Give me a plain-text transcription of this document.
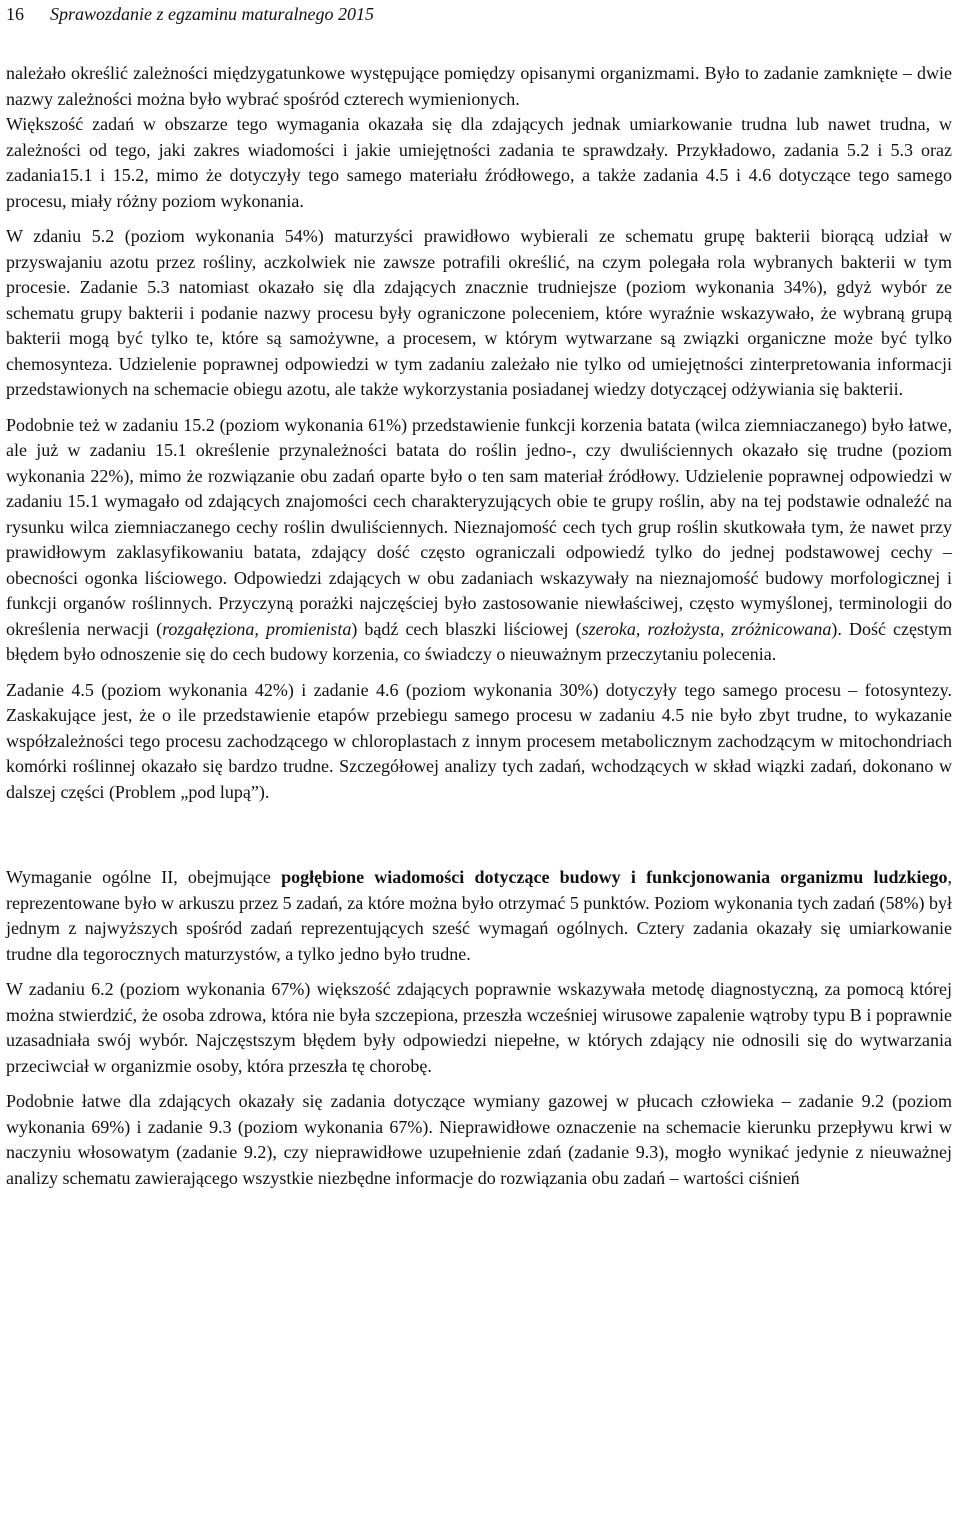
16 Sprawozdanie z egzaminu maturalnego 2015

należało określić zależności międzygatunkowe występujące pomiędzy opisanymi organizmami. Było to zadanie zamknięte – dwie nazwy zależności można było wybrać spośród czterech wymienionych.

Większość zadań w obszarze tego wymagania okazała się dla zdających jednak umiarkowanie trudna lub nawet trudna, w zależności od tego, jaki zakres wiadomości i jakie umiejętności zadania te sprawdzały. Przykładowo, zadania 5.2 i 5.3 oraz zadania15.1 i 15.2, mimo że dotyczyły tego samego materiału źródłowego, a także zadania 4.5 i 4.6 dotyczące tego samego procesu, miały różny poziom wykonania.

W zdaniu 5.2 (poziom wykonania 54%) maturzyści prawidłowo wybierali ze schematu grupę bakterii biorącą udział w przyswajaniu azotu przez rośliny, aczkolwiek nie zawsze potrafili określić, na czym polegała rola wybranych bakterii w tym procesie. Zadanie 5.3 natomiast okazało się dla zdających znacznie trudniejsze (poziom wykonania 34%), gdyż wybór ze schematu grupy bakterii i podanie nazwy procesu były ograniczone poleceniem, które wyraźnie wskazywało, że wybraną grupą bakterii mogą być tylko te, które są samożywne, a procesem, w którym wytwarzane są związki organiczne może być tylko chemosynteza. Udzielenie poprawnej odpowiedzi w tym zadaniu zależało nie tylko od umiejętności zinterpretowania informacji przedstawionych na schemacie obiegu azotu, ale także wykorzystania posiadanej wiedzy dotyczącej odżywiania się bakterii.

Podobnie też w zadaniu 15.2 (poziom wykonania 61%) przedstawienie funkcji korzenia batata (wilca ziemniaczanego) było łatwe, ale już w zadaniu 15.1 określenie przynależności batata do roślin jedno-, czy dwuliściennych okazało się trudne (poziom wykonania 22%), mimo że rozwiązanie obu zadań oparte było o ten sam materiał źródłowy. Udzielenie poprawnej odpowiedzi w zadaniu 15.1 wymagało od zdających znajomości cech charakteryzujących obie te grupy roślin, aby na tej podstawie odnaleźć na rysunku wilca ziemniaczanego cechy roślin dwuliściennych. Nieznajomość cech tych grup roślin skutkowała tym, że nawet przy prawidłowym zaklasyfikowaniu batata, zdający dość często ograniczali odpowiedź tylko do jednej podstawowej cechy – obecności ogonka liściowego. Odpowiedzi zdających w obu zadaniach wskazywały na nieznajomość budowy morfologicznej i funkcji organów roślinnych. Przyczyną porażki najczęściej było zastosowanie niewłaściwej, często wymyślonej, terminologii do określenia nerwacji (rozgałęziona, promienista) bądź cech blaszki liściowej (szeroka, rozłożysta, zróżnicowana). Dość częstym błędem było odnoszenie się do cech budowy korzenia, co świadczy o nieuważnym przeczytaniu polecenia.

Zadanie 4.5 (poziom wykonania 42%) i zadanie 4.6 (poziom wykonania 30%) dotyczyły tego samego procesu – fotosyntezy. Zaskakujące jest, że o ile przedstawienie etapów przebiegu samego procesu w zadaniu 4.5 nie było zbyt trudne, to wykazanie współzależności tego procesu zachodzącego w chloroplastach z innym procesem metabolicznym zachodzącym w mitochondriach komórki roślinnej okazało się bardzo trudne. Szczegółowej analizy tych zadań, wchodzących w skład wiązki zadań, dokonano w dalszej części (Problem „pod lupą”).

Wymaganie ogólne II, obejmujące pogłębione wiadomości dotyczące budowy i funkcjonowania organizmu ludzkiego, reprezentowane było w arkuszu przez 5 zadań, za które można było otrzymać 5 punktów. Poziom wykonania tych zadań (58%) był jednym z najwyższych spośród zadań reprezentujących sześć wymagań ogólnych. Cztery zadania okazały się umiarkowanie trudne dla tegorocznych maturzystów, a tylko jedno było trudne.

W zadaniu 6.2 (poziom wykonania 67%) większość zdających poprawnie wskazywała metodę diagnostyczną, za pomocą której można stwierdzić, że osoba zdrowa, która nie była szczepiona, przeszła wcześniej wirusowe zapalenie wątroby typu B i poprawnie uzasadniała swój wybór. Najczęstszym błędem były odpowiedzi niepełne, w których zdający nie odnosili się do wytwarzania przeciwciał w organizmie osoby, która przeszła tę chorobę.

Podobnie łatwe dla zdających okazały się zadania dotyczące wymiany gazowej w płucach człowieka – zadanie 9.2 (poziom wykonania 69%) i zadanie 9.3 (poziom wykonania 67%). Nieprawidłowe oznaczenie na schemacie kierunku przepływu krwi w naczyniu włosowatym (zadanie 9.2), czy nieprawidłowe uzupełnienie zdań (zadanie 9.3), mogło wynikać jedynie z nieuważnej analizy schematu zawierającego wszystkie niezbędne informacje do rozwiązania obu zadań – wartości ciśnień
